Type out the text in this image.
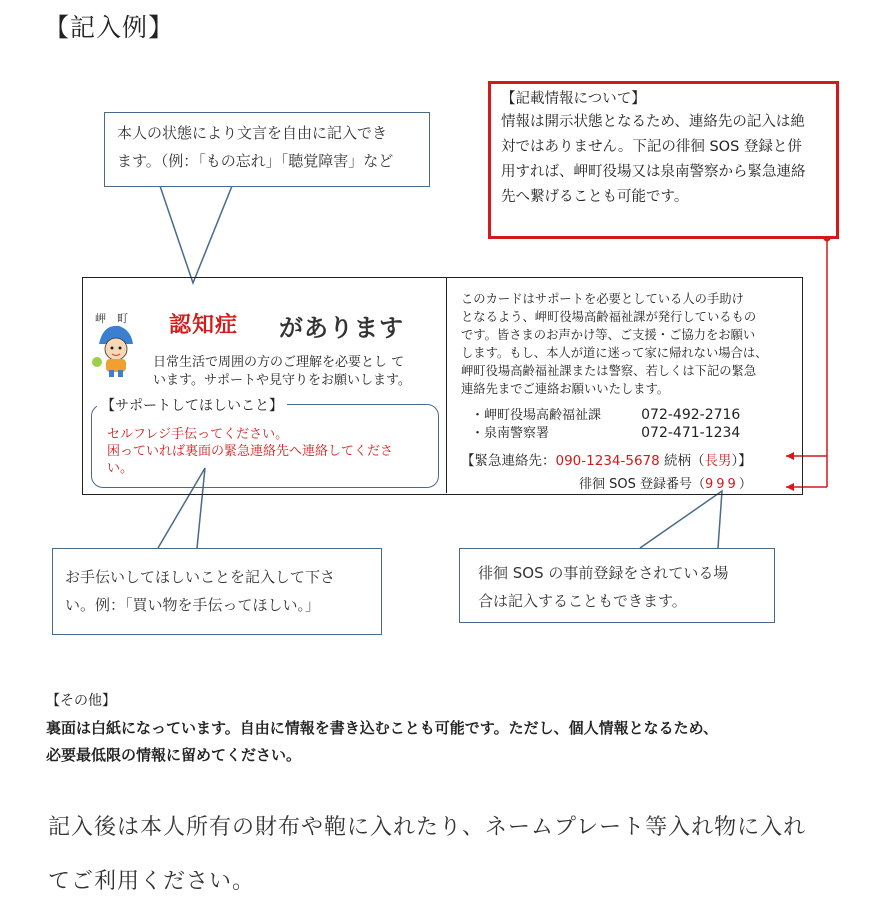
【記入例】
本人の状態により文言を自由に記入でき
ます。（例：「もの忘れ」「聴覚障害」など
【記載情報について】
情報は開示状態となるため、連絡先の記入は絶
対ではありません。下記の徘徊 SOS 登録と併
用すれば、岬町役場又は泉南警察から緊急連絡
先へ繋げることも可能です。
岬　町 認知症 があります
日常生活で周囲の方のご理解を必要とし て
います。サポートや見守りをお願いします。
【サポートしてほしいこと】
セルフレジ手伝ってください。
困っていれば裏面の緊急連絡先へ連絡してくださ
い。
このカードはサポートを必要としている人の手助け
となるよう、岬町役場高齢福祉課が発行しているもの
です。皆さまのお声かけ等、ご支援・ご協力をお願い
します。もし、本人が道に迷って家に帰れない場合は、
岬町役場高齢福祉課または警察、若しくは下記の緊急
連絡先までご連絡お願いいたします。
・岬町役場高齢福祉課	072-492-2716
・泉南警察署	072-471-1234
【緊急連絡先：090-1234-5678 続柄（長男）】
徘徊 SOS 登録番号（999）
お手伝いしてほしいことを記入して下さ
い。例：「買い物を手伝ってほしい。」
徘徊 SOS の事前登録をされている場
合は記入することもできます。
【その他】
裏面は白紙になっています。自由に情報を書き込むことも可能です。ただし、個人情報となるため、
必要最低限の情報に留めてください。
記入後は本人所有の財布や鞄に入れたり、ネームプレート等入れ物に入れ
てご利用ください。
